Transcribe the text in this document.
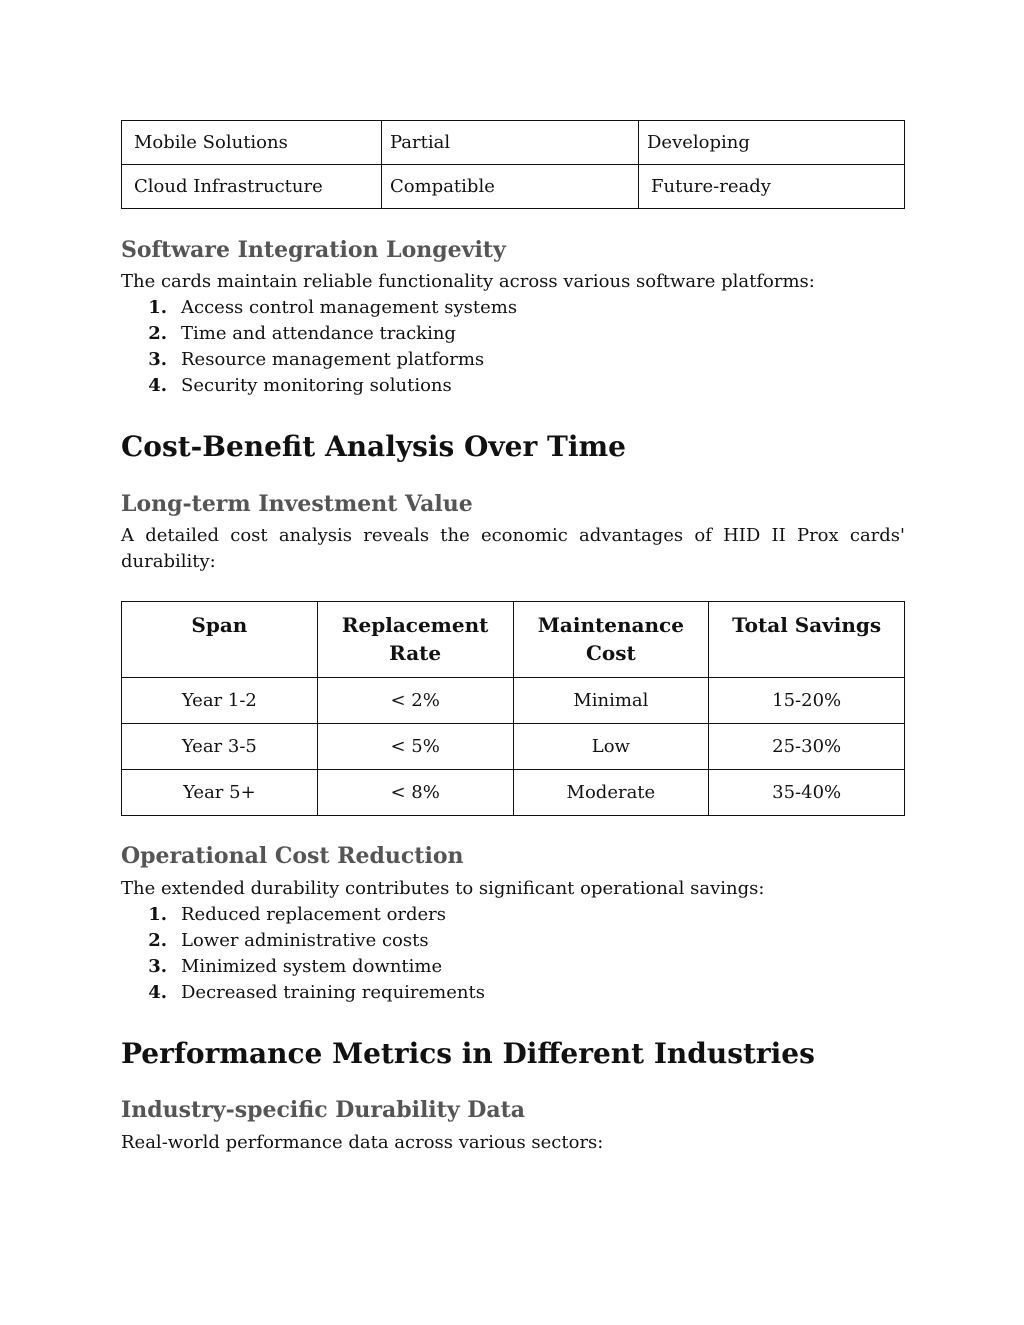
Mobile Solutions	Partial	Developing
Cloud Infrastructure	Compatible	Future-ready
Software Integration Longevity

The cards maintain reliable functionality across various software platforms:

1. Access control management systems
2. Time and attendance tracking
3. Resource management platforms
4. Security monitoring solutions
Cost-Benefit Analysis Over Time
Long-term Investment Value

A detailed cost analysis reveals the economic advantages of HID II Prox cards' durability:

Span	Replacement Rate	Maintenance Cost	Total Savings
Year 1-2	< 2%	Minimal	15-20%
Year 3-5	< 5%	Low	25-30%
Year 5+	< 8%	Moderate	35-40%
Operational Cost Reduction

The extended durability contributes to significant operational savings:

1. Reduced replacement orders
2. Lower administrative costs
3. Minimized system downtime
4. Decreased training requirements
Performance Metrics in Different Industries
Industry-specific Durability Data

Real-world performance data across various sectors:
